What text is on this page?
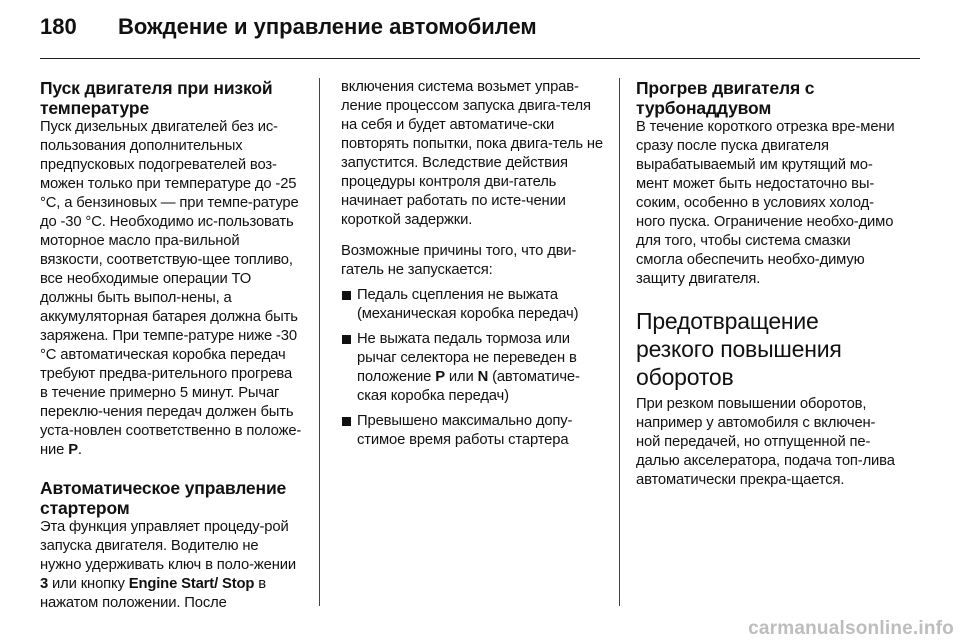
180 Вождение и управление автомобилем
Пуск двигателя при низкой температуре

Пуск дизельных двигателей без ис-пользования дополнительных предпусковых подогревателей воз-можен только при температуре до -25 °C, а бензиновых — при темпе-ратуре до -30 °C. Необходимо ис-пользовать моторное масло пра-вильной вязкости, соответствую-щее топливо, все необходимые операции ТО должны быть выпол-нены, а аккумуляторная батарея должна быть заряжена. При темпе-ратуре ниже -30 °C автоматическая коробка передач требуют предва-рительного прогрева в течение примерно 5 минут. Рычаг переклю-чения передач должен быть уста-новлен соответственно в положе-ние P.

Автоматическое управление стартером

Эта функция управляет процеду-рой запуска двигателя. Водителю не нужно удерживать ключ в поло-жении 3 или кнопку Engine Start/ Stop в нажатом положении. После

включения система возьмет управ-ление процессом запуска двига-теля на себя и будет автоматиче-ски повторять попытки, пока двига-тель не запустится. Вследствие действия процедуры контроля дви-гатель начинает работать по исте-чении короткой задержки.

Возможные причины того, что дви-гатель не запускается:

Педаль сцепления не выжата (механическая коробка передач)
Не выжата педаль тормоза или рычаг селектора не переведен в положение P или N (автоматиче-ская коробка передач)
Превышено максимально допу-стимое время работы стартера
Прогрев двигателя с турбонаддувом

В течение короткого отрезка вре-мени сразу после пуска двигателя вырабатываемый им крутящий мо-мент может быть недостаточно вы-соким, особенно в условиях холод-ного пуска. Ограничение необхо-димо для того, чтобы система смазки смогла обеспечить необхо-димую защиту двигателя.

Предотвращение резкого повышения оборотов

При резком повышении оборотов, например у автомобиля с включен-ной передачей, но отпущенной пе-далью акселератора, подача топ-лива автоматически прекра-щается.

carmanualsonline.info
